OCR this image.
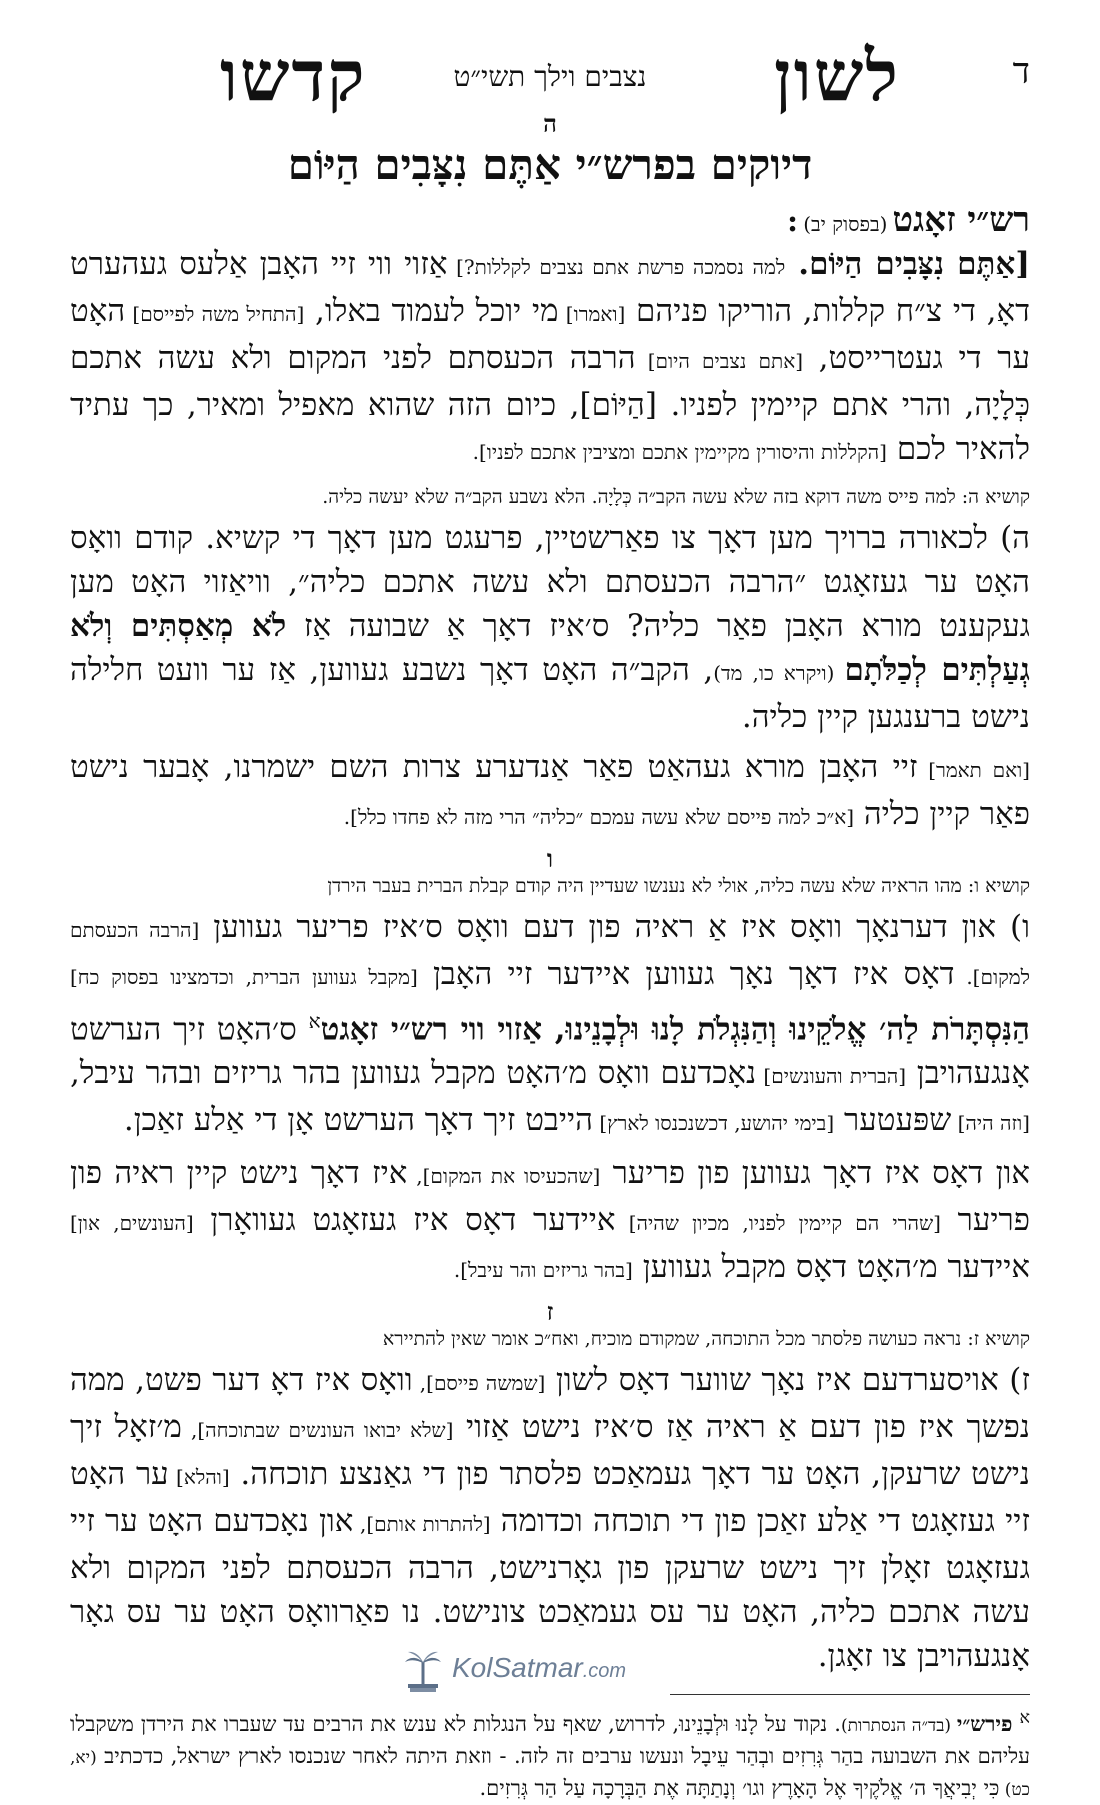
ד
לשון
נצבים וילך תשי״ט
קדשו
ה
דיוקים בפרש״י אַתֶּם נִצָּבִים הַיּוֹם
רש״י זאָגט (בפסוק יב) :

[אַתֶּם נִצָּבִים הַיּוֹם. למה נסמכה פרשת אתם נצבים לקללות?] אַזוי ווי זיי האָבן אַלעס געהערט דאָ, די צ״ח קללות, הוריקו פניהם [ואמרו] מי יוכל לעמוד באלו, [התחיל משה לפייסם] האָט ער די געטרייסט, [אתם נצבים היום] הרבה הכעסתם לפני המקום ולא עשה אתכם כְּלָיָה, והרי אתם קיימין לפניו. [הַיּוֹם], כיום הזה שהוא מאפיל ומאיר, כך עתיד להאיר לכם [הקללות והיסורין מקיימין אתכם ומציבין אתכם לפניו].

קושיא ה: למה פייס משה דוקא בזה שלא עשה הקב״ה כְּלָיָה. הלא נשבע הקב״ה שלא יעשה כליה.

ה) לכאורה ברויך מען דאָך צו פאַרשטיין, פרעגט מען דאָך די קשיא. קודם וואָס האָט ער געזאָגט ״הרבה הכעסתם ולא עשה אתכם כליה״, וויאַזוי האָט מען געקענט מורא האָבן פאַר כליה? ס׳איז דאָך אַ שבועה אַז לֹא מְאַסְתִּים וְלֹא גְעַלְתִּים לְכַלֹּתָם (ויקרא כו, מד), הקב״ה האָט דאָך נשבע געווען, אַז ער וועט חלילה נישט ברענגען קיין כליה.

[ואם תאמר] זיי האָבן מורא געהאַט פאַר אַנדערע צרות השם ישמרנו, אָבער נישט פאַר קיין כליה [א״כ למה פייסם שלא עשה עמכם ״כליה״ הרי מזה לא פחדו כלל].

ו
קושיא ו: מהו הראיה שלא עשה כליה, אולי לא נענשו שעדיין היה קודם קבלת הברית בעבר הירדן

ו) און דערנאָך וואָס איז אַ ראיה פון דעם וואָס ס׳איז פריער געווען [הרבה הכעסתם למקום]. דאָס איז דאָך נאָך געווען איידער זיי האָבן [מקבל געווען הברית, וכדמצינו בפסוק כח] הַנִּסְתָּרֹת לַה׳ אֱלֹקֵינוּ וְהַנִּגְלֹת לָנוּ וּלְבָנֵינוּ, אַזוי ווי רש״י זאָגט$^א$ ס׳האָט זיך הערשט אָנגעהויבן [הברית והעונשים] נאָכדעם וואָס מ׳האָט מקבל געווען בהר גריזים ובהר עיבל, [וזה היה] שפּעטער [בימי יהושע, דכשנכנסו לארץ] הייבט זיך דאָך הערשט אָן די אַלע זאַכן.

און דאָס איז דאָך געווען פון פריער [שהכעיסו את המקום], איז דאָך נישט קיין ראיה פון פריער [שהרי הם קיימין לפניו, מכיון שהיה] איידער דאָס איז געזאָגט געוואָרן [העונשים, און] איידער מ׳האָט דאָס מקבל געווען [בהר גריזים והר עיבל].

ז
קושיא ז: נראה כעושה פלסתר מכל התוכחה, שמקודם מוכיח, ואח״כ אומר שאין להתיירא

ז) אויסערדעם איז נאָך שווער דאָס לשון [שמשה פייסם], וואָס איז דאָ דער פשט, ממה נפשך איז פון דעם אַ ראיה אַז ס׳איז נישט אַזוי [שלא יבואו העונשים שבתוכחה], מ׳זאָל זיך נישט שרעקן, האָט ער דאָך געמאַכט פלסתר פון די גאַנצע תוכחה. [והלא] ער האָט זיי געזאָגט די אַלע זאַכן פון די תוכחה וכדומה [להתרות אותם], און נאָכדעם האָט ער זיי געזאָגט זאָלן זיך נישט שרעקן פון גאָרנישט, הרבה הכעסתם לפני המקום ולא עשה אתכם כליה, האָט ער עס געמאַכט צונישט. נו פאַרוואָס האָט ער עס גאָר אָנגעהויבן צו זאָגן.

$^א$ פירש״י (בד״ה הנסתרות). נקוד על לָנוּ וּלְבָנֵינוּ, לדרוש, שאף על הנגלות לא ענש את הרבים עד שעברו את הירדן משקבלו עליהם את השבועה בהַר גְּרִזִים ובְהַר עֵיבָל ונעשו ערבים זה לזה. - וזאת היתה לאחר שנכנסו לארץ ישראל, כדכתיב (יא, כט) כִּי יְבִיאֲךָ ה׳ אֱלֹקֶיךָ אֶל הָאָרֶץ וגו׳ וְנָתַתָּה אֶת הַבְּרָכָה עַל הַר גְּרִזִים.

KolSatmar.com
